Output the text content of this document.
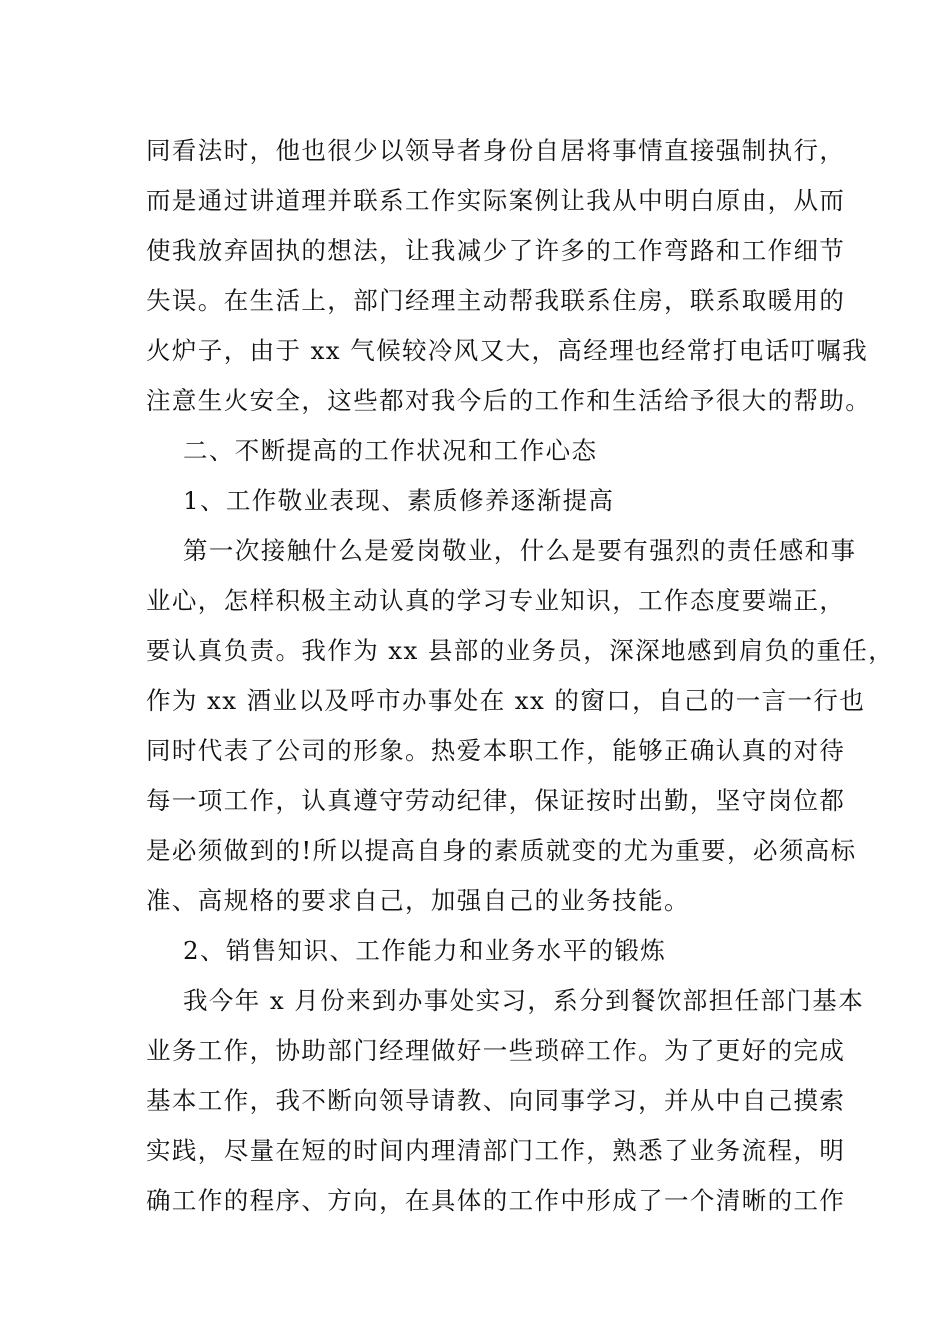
同看法时，他也很少以领导者身份自居将事情直接强制执行，
而是通过讲道理并联系工作实际案例让我从中明白原由，从而
使我放弃固执的想法，让我减少了许多的工作弯路和工作细节
失误。在生活上，部门经理主动帮我联系住房，联系取暖用的
火炉子，由于 xx 气候较冷风又大，高经理也经常打电话叮嘱我
注意生火安全，这些都对我今后的工作和生活给予很大的帮助。
二、不断提高的工作状况和工作心态
1、工作敬业表现、素质修养逐渐提高
第一次接触什么是爱岗敬业，什么是要有强烈的责任感和事
业心，怎样积极主动认真的学习专业知识，工作态度要端正，
要认真负责。我作为 xx 县部的业务员，深深地感到肩负的重任，
作为 xx 酒业以及呼市办事处在 xx 的窗口，自己的一言一行也
同时代表了公司的形象。热爱本职工作，能够正确认真的对待
每一项工作，认真遵守劳动纪律，保证按时出勤，坚守岗位都
是必须做到的!所以提高自身的素质就变的尤为重要，必须高标
准、高规格的要求自己，加强自己的业务技能。
2、销售知识、工作能力和业务水平的锻炼
我今年 x 月份来到办事处实习，系分到餐饮部担任部门基本
业务工作，协助部门经理做好一些琐碎工作。为了更好的完成
基本工作，我不断向领导请教、向同事学习，并从中自己摸索
实践，尽量在短的时间内理清部门工作，熟悉了业务流程，明
确工作的程序、方向，在具体的工作中形成了一个清晰的工作
